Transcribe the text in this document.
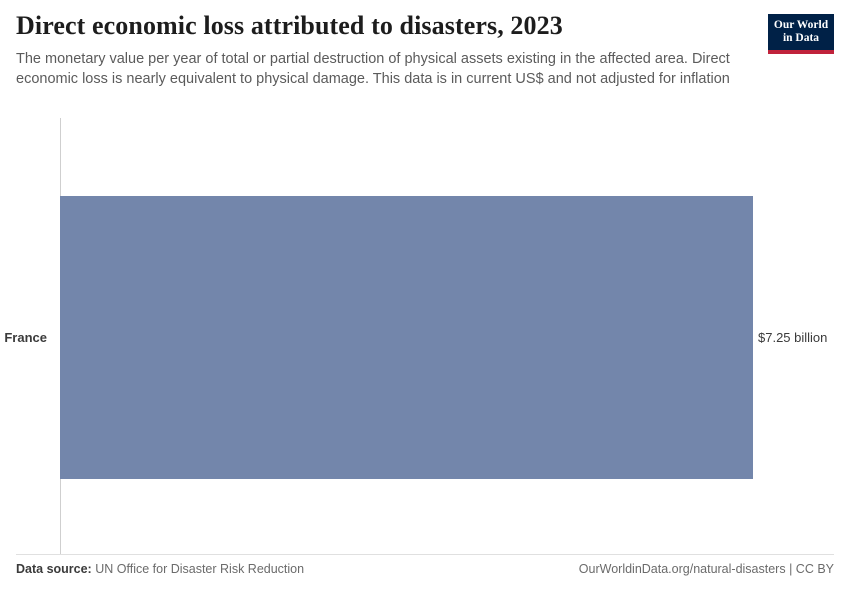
Direct economic loss attributed to disasters, 2023

The monetary value per year of total or partial destruction of physical assets existing in the affected area. Direct economic loss is nearly equivalent to physical damage. This data is in current US$ and not adjusted for inflation

Our World
in Data
France	$7.25 billion
Data source: UN Office for Disaster Risk Reduction	OurWorldinData.org/natural-disasters | CC BY
